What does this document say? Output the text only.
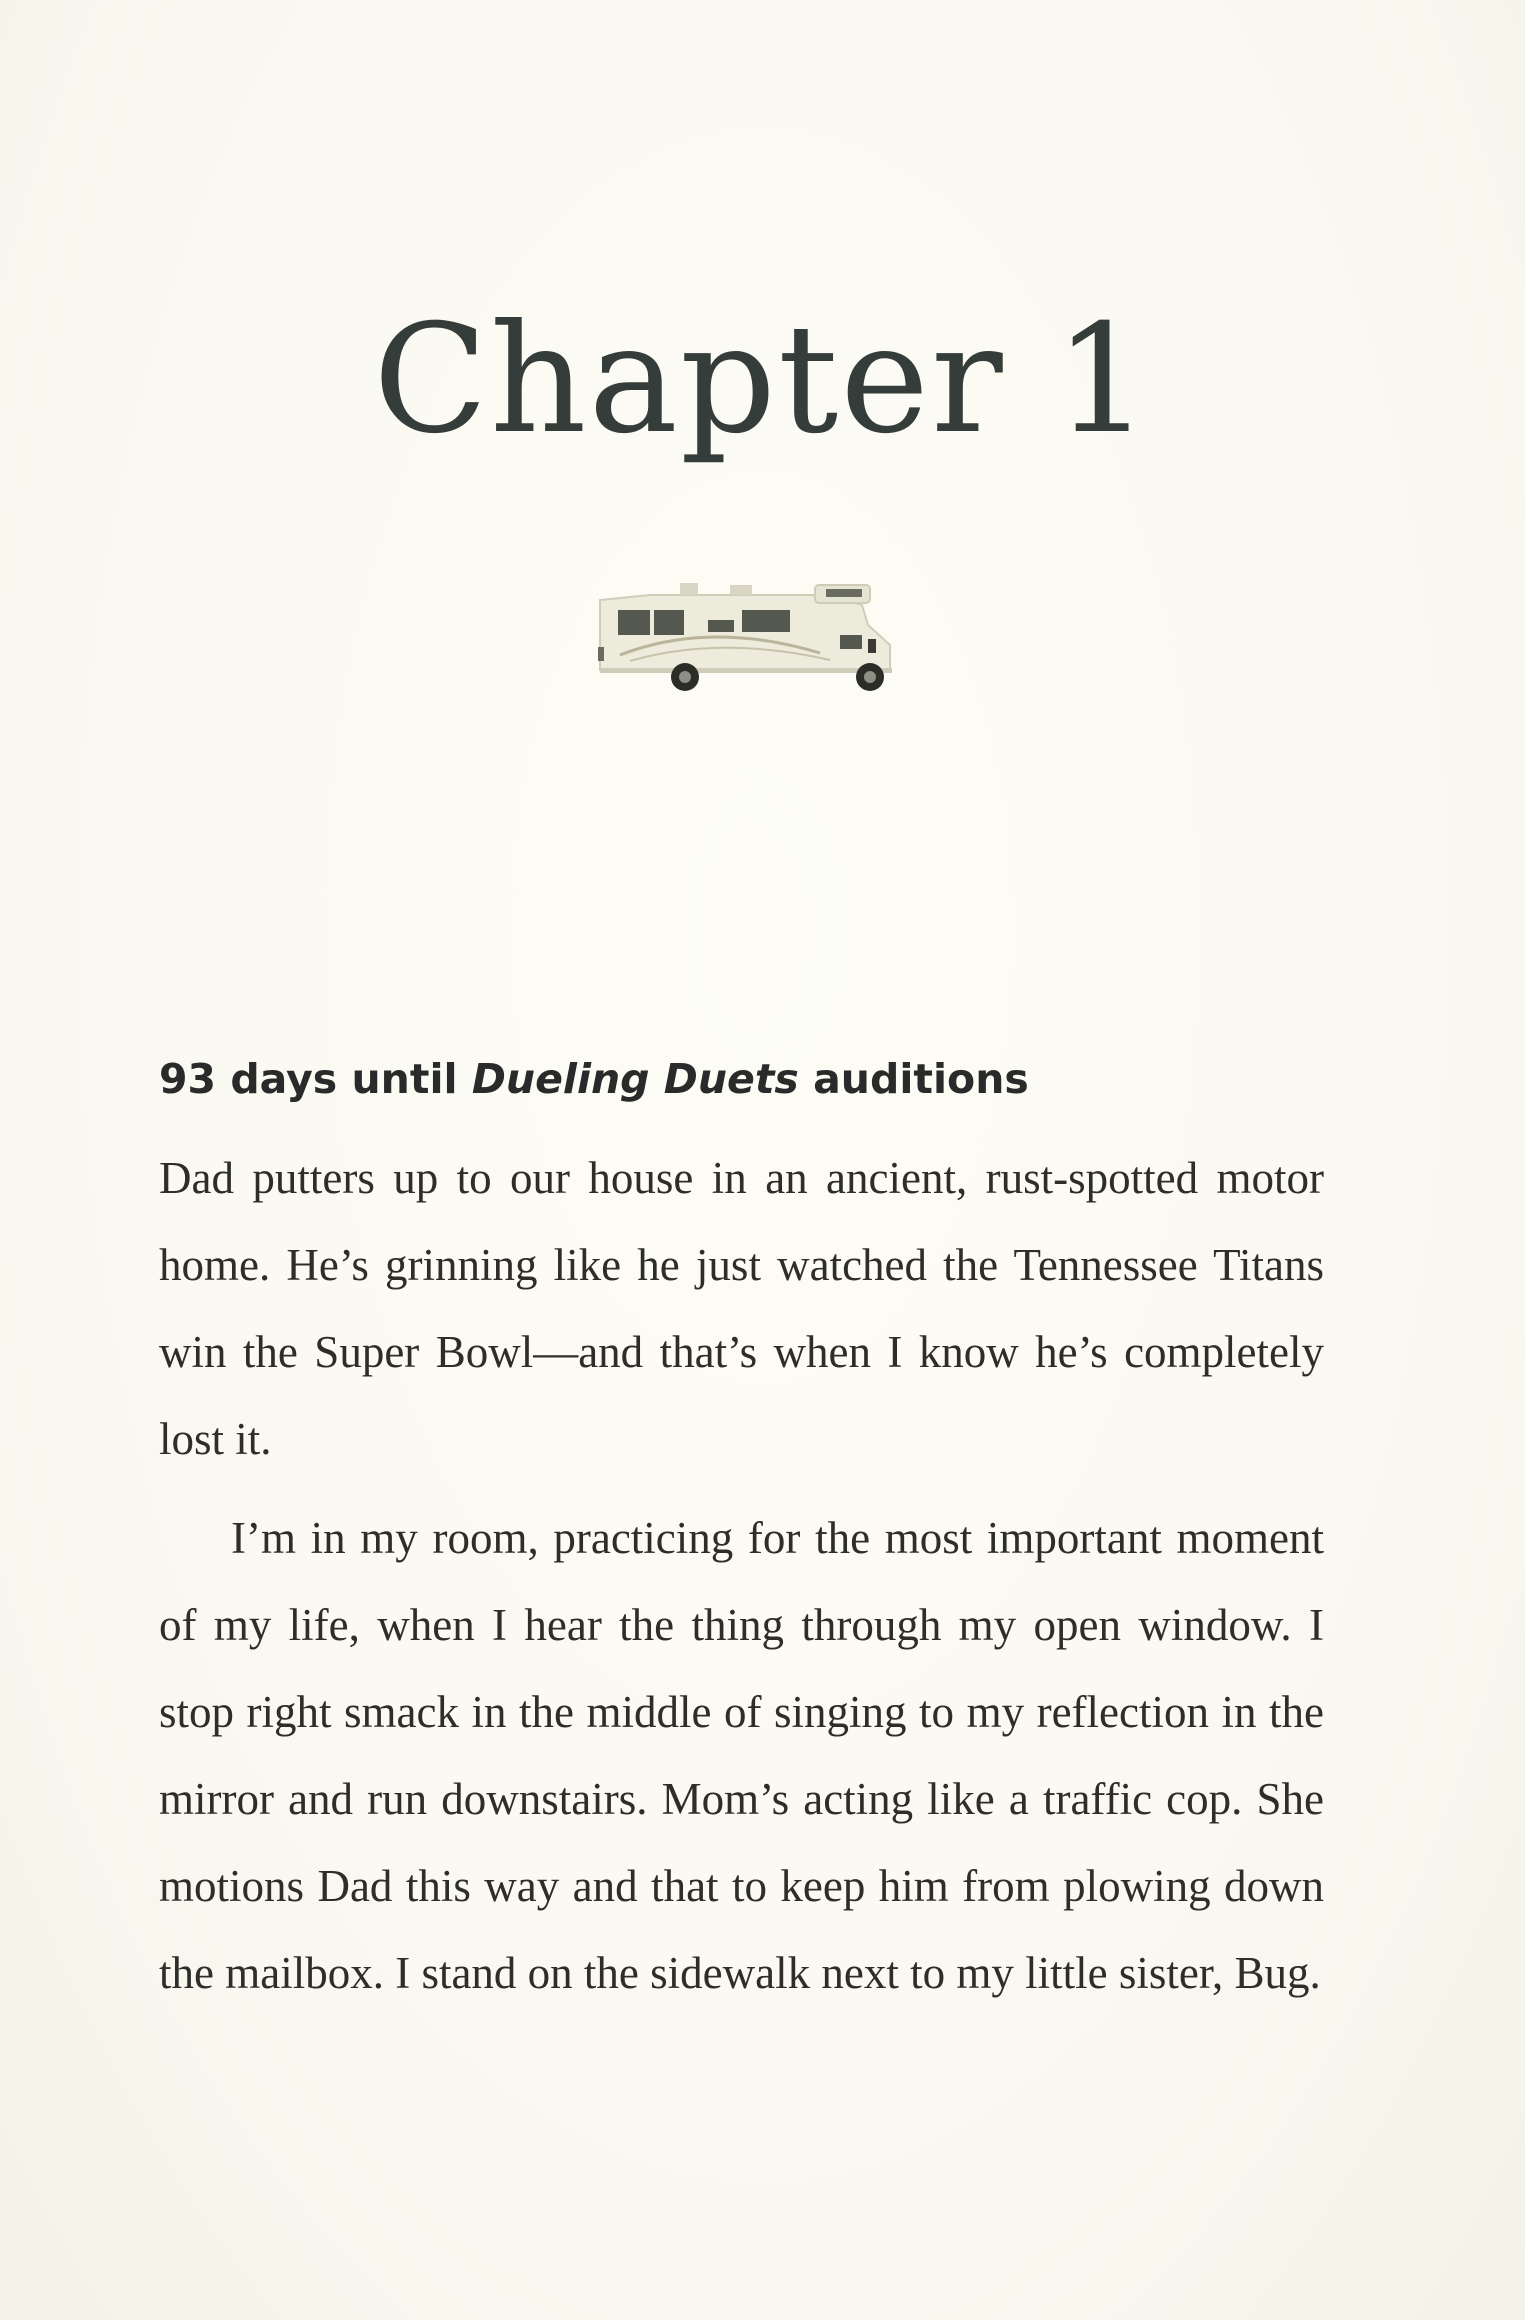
Chapter 1
93 days until Dueling Duets auditions

Dad putters up to our house in an ancient, rust-spotted motor home. He’s grinning like he just watched the Tennessee Titans win the Super Bowl—and that’s when I know he’s completely lost it.

I’m in my room, practicing for the most important moment of my life, when I hear the thing through my open window. I stop right smack in the middle of singing to my reflection in the mirror and run downstairs. Mom’s acting like a traffic cop. She motions Dad this way and that to keep him from plowing down the mailbox. I stand on the sidewalk next to my little sister, Bug.
